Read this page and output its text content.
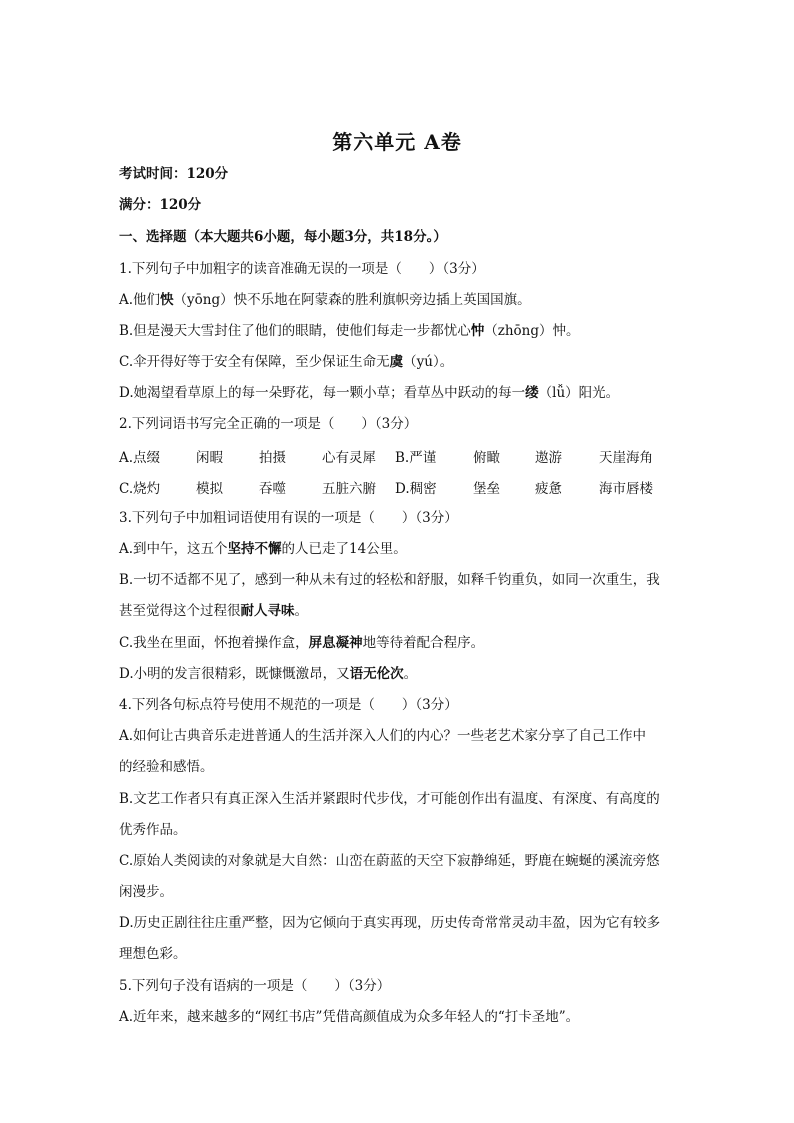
第六单元 A卷
考试时间：120分
满分：120分
一、选择题（本大题共6小题，每小题3分，共18分。）
1.下列句子中加粗字的读音准确无误的一项是（　　）（3分）
A.他们怏（yōng）怏不乐地在阿蒙森的胜利旗帜旁边插上英国国旗。
B.但是漫天大雪封住了他们的眼睛，使他们每走一步都忧心忡（zhōng）忡。
C.伞开得好等于安全有保障，至少保证生命无虞（yú）。
D.她渴望看草原上的每一朵野花，每一颗小草；看草丛中跃动的每一缕（lǚ）阳光。
2.下列词语书写完全正确的一项是（　　）（3分）
A.点缀	闲暇	拍摄	心有灵犀 B.严谨	俯瞰	遨游	天崖海角
C.烧灼	模拟	吞噬	五脏六腑 D.稠密	堡垒	疲惫	海市唇楼
3.下列句子中加粗词语使用有误的一项是（　　）（3分）
A.到中午，这五个坚持不懈的人已走了14公里。
B.一切不适都不见了，感到一种从未有过的轻松和舒服，如释千钧重负，如同一次重生，我
甚至觉得这个过程很耐人寻味。
C.我坐在里面，怀抱着操作盒，屏息凝神地等待着配合程序。
D.小明的发言很精彩，既慷慨激昂，又语无伦次。
4.下列各句标点符号使用不规范的一项是（　　）（3分）
A.如何让古典音乐走进普通人的生活并深入人们的内心？一些老艺术家分享了自己工作中
的经验和感悟。
B.文艺工作者只有真正深入生活并紧跟时代步伐，才可能创作出有温度、有深度、有高度的
优秀作品。
C.原始人类阅读的对象就是大自然：山峦在蔚蓝的天空下寂静绵延，野鹿在蜿蜒的溪流旁悠
闲漫步。
D.历史正剧往往庄重严整，因为它倾向于真实再现，历史传奇常常灵动丰盈，因为它有较多
理想色彩。
5.下列句子没有语病的一项是（　　）（3分）
A.近年来，越来越多的“网红书店”凭借高颜值成为众多年轻人的“打卡圣地”。
